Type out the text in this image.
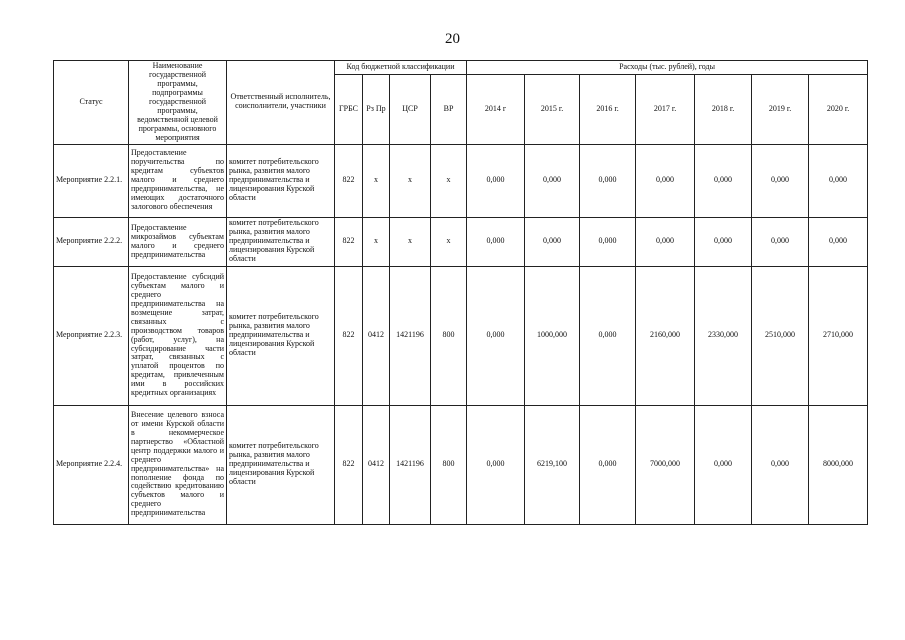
20
Статус	Наименование государственной программы, подпрограммы государственной программы, ведомственной целевой программы, основного мероприятия	Ответственный исполнитель, соисполнители, участники	Код бюджетной классификации				Расходы (тыс. рублей), годы						
			ГРБС	Рз Пр	ЦСР	ВР	2014 г	2015 г.	2016 г.	2017 г.	2018 г.	2019 г.	2020 г.
Мероприятие 2.2.1.	Предоставление поручительства по кредитам субъектов малого и среднего предпринимательства, не имеющих достаточного залогового обеспечения	комитет потребительского рынка, развития малого предпринимательства и лицензирования Курской области	822	х	х	х	0,000	0,000	0,000	0,000	0,000	0,000	0,000
Мероприятие 2.2.2.	Предоставление микрозаймов субъектам малого и среднего предпринимательства	комитет потребительского рынка, развития малого предпринимательства и лицензирования Курской области	822	х	х	х	0,000	0,000	0,000	0,000	0,000	0,000	0,000
Мероприятие 2.2.3.	Предоставление субсидий субъектам малого и среднего предпринимательства на возмещение затрат, связанных с производством товаров (работ, услуг), на субсидирование части затрат, связанных с уплатой процентов по кредитам, привлеченным ими в российских кредитных организациях	комитет потребительского рынка, развития малого предпринимательства и лицензирования Курской области	822	0412	1421196	800	0,000	1000,000	0,000	2160,000	2330,000	2510,000	2710,000
Мероприятие 2.2.4.	Внесение целевого взноса от имени Курской области в некоммерческое партнерство «Областной центр поддержки малого и среднего предпринимательства» на пополнение фонда по содействию кредитованию субъектов малого и среднего предпринимательства	комитет потребительского рынка, развития малого предпринимательства и лицензирования Курской области	822	0412	1421196	800	0,000	6219,100	0,000	7000,000	0,000	0,000	8000,000
